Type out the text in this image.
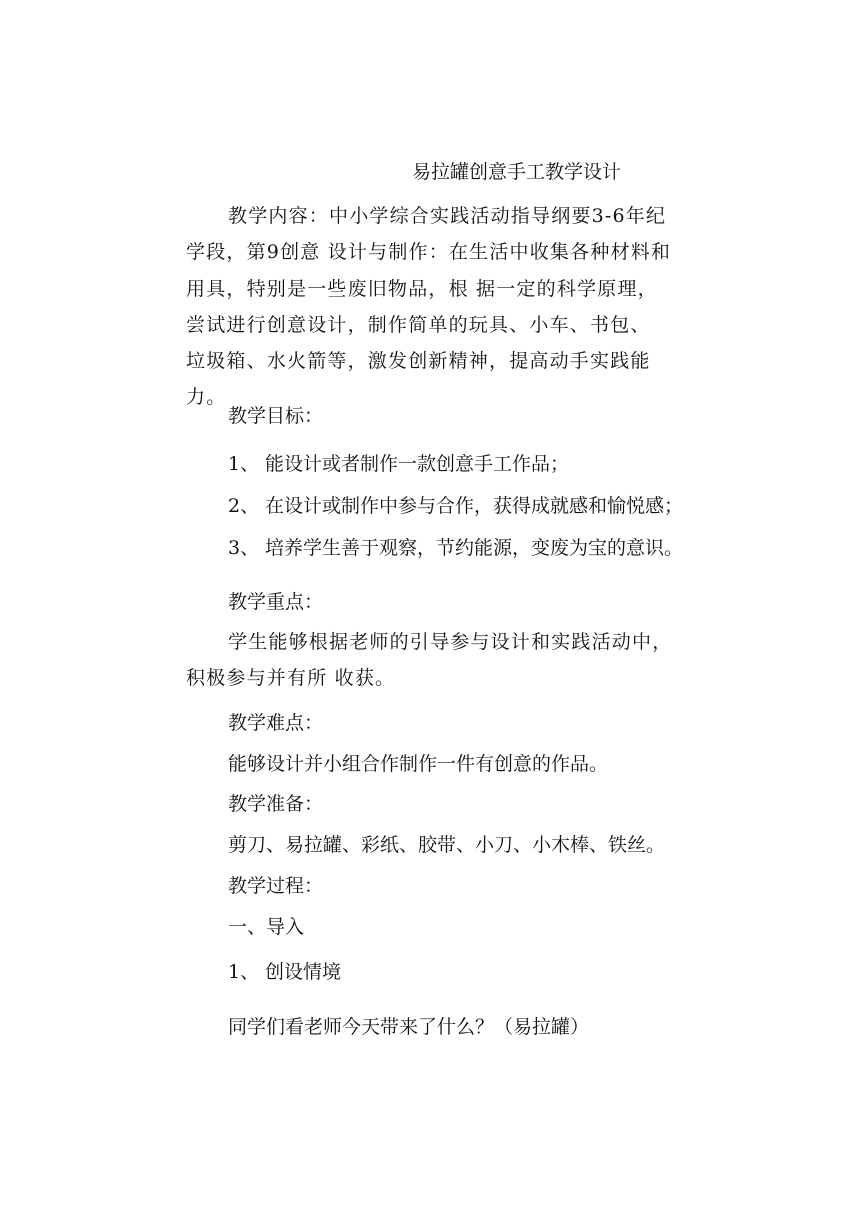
易拉罐创意手工教学设计
教学内容：中小学综合实践活动指导纲要3-6年纪学段，第9创意 设计与制作：在生活中收集各种材料和用具，特别是一些废旧物品，根 据一定的科学原理，尝试进行创意设计，制作简单的玩具、小车、书包、 垃圾箱、水火箭等，激发创新精神，提高动手实践能力。
教学目标：
1、 能设计或者制作一款创意手工作品；
2、 在设计或制作中参与合作，获得成就感和愉悦感；
3、 培养学生善于观察，节约能源，变废为宝的意识。
教学重点：
学生能够根据老师的引导参与设计和实践活动中，积极参与并有所 收获。
教学难点：
能够设计并小组合作制作一件有创意的作品。
教学准备：
剪刀、易拉罐、彩纸、胶带、小刀、小木棒、铁丝。
教学过程：
一、导入
1、 创设情境
同学们看老师今天带来了什么？（易拉罐）
